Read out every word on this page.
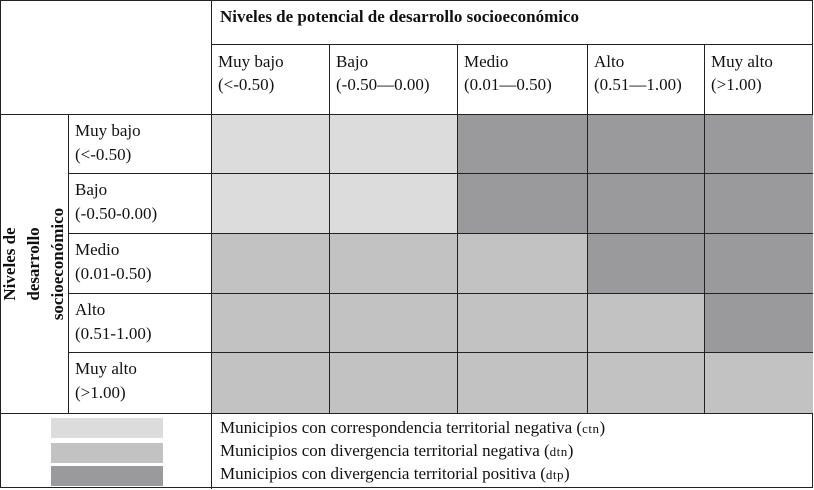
Niveles de potencial de desarrollo socioeconómico
Muy bajo
(<-0.50)
Bajo
(-0.50—0.00)
Medio
(0.01—0.50)
Alto
(0.51—1.00)
Muy alto
(>1.00)
Niveles de desarrollo socioeconómico
Muy bajo
(<-0.50)
Bajo
(-0.50-0.00)
Medio
(0.01-0.50)
Alto
(0.51-1.00)
Muy alto
(>1.00)
Municipios con correspondencia territorial negativa (ctn)
Municipios con divergencia territorial negativa (dtn)
Municipios con divergencia territorial positiva (dtp)
